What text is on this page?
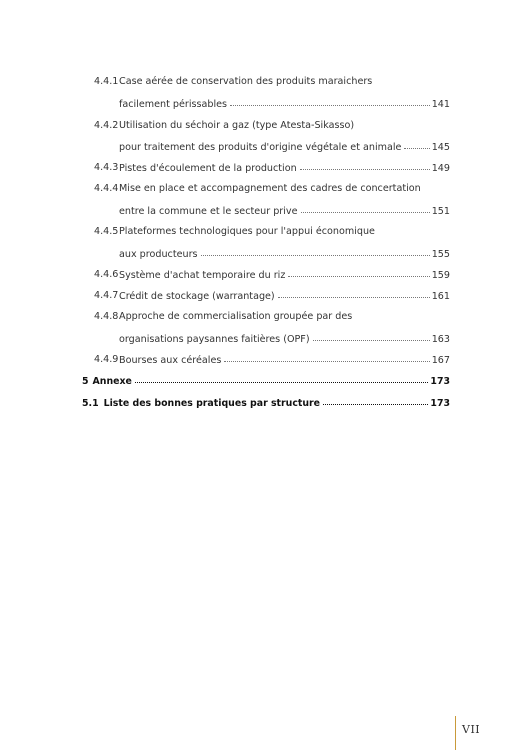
4.4.1 Case aérée de conservation des produits maraichers
facilement périssables	141
4.4.2 Utilisation du séchoir a gaz (type Atesta-Sikasso)
pour traitement des produits d'origine végétale et animale	145
4.4.3 Pistes d'écoulement de la production	149
4.4.4 Mise en place et accompagnement des cadres de concertation
entre la commune et le secteur prive	151
4.4.5 Plateformes technologiques pour l'appui économique
aux producteurs	155
4.4.6 Système d'achat temporaire du riz	159
4.4.7 Crédit de stockage (warrantage)	161
4.4.8 Approche de commercialisation groupée par des
organisations paysannes faitières (OPF)	163
4.4.9 Bourses aux céréales	167
5 Annexe	173
5.1 Liste des bonnes pratiques par structure	173
VII
